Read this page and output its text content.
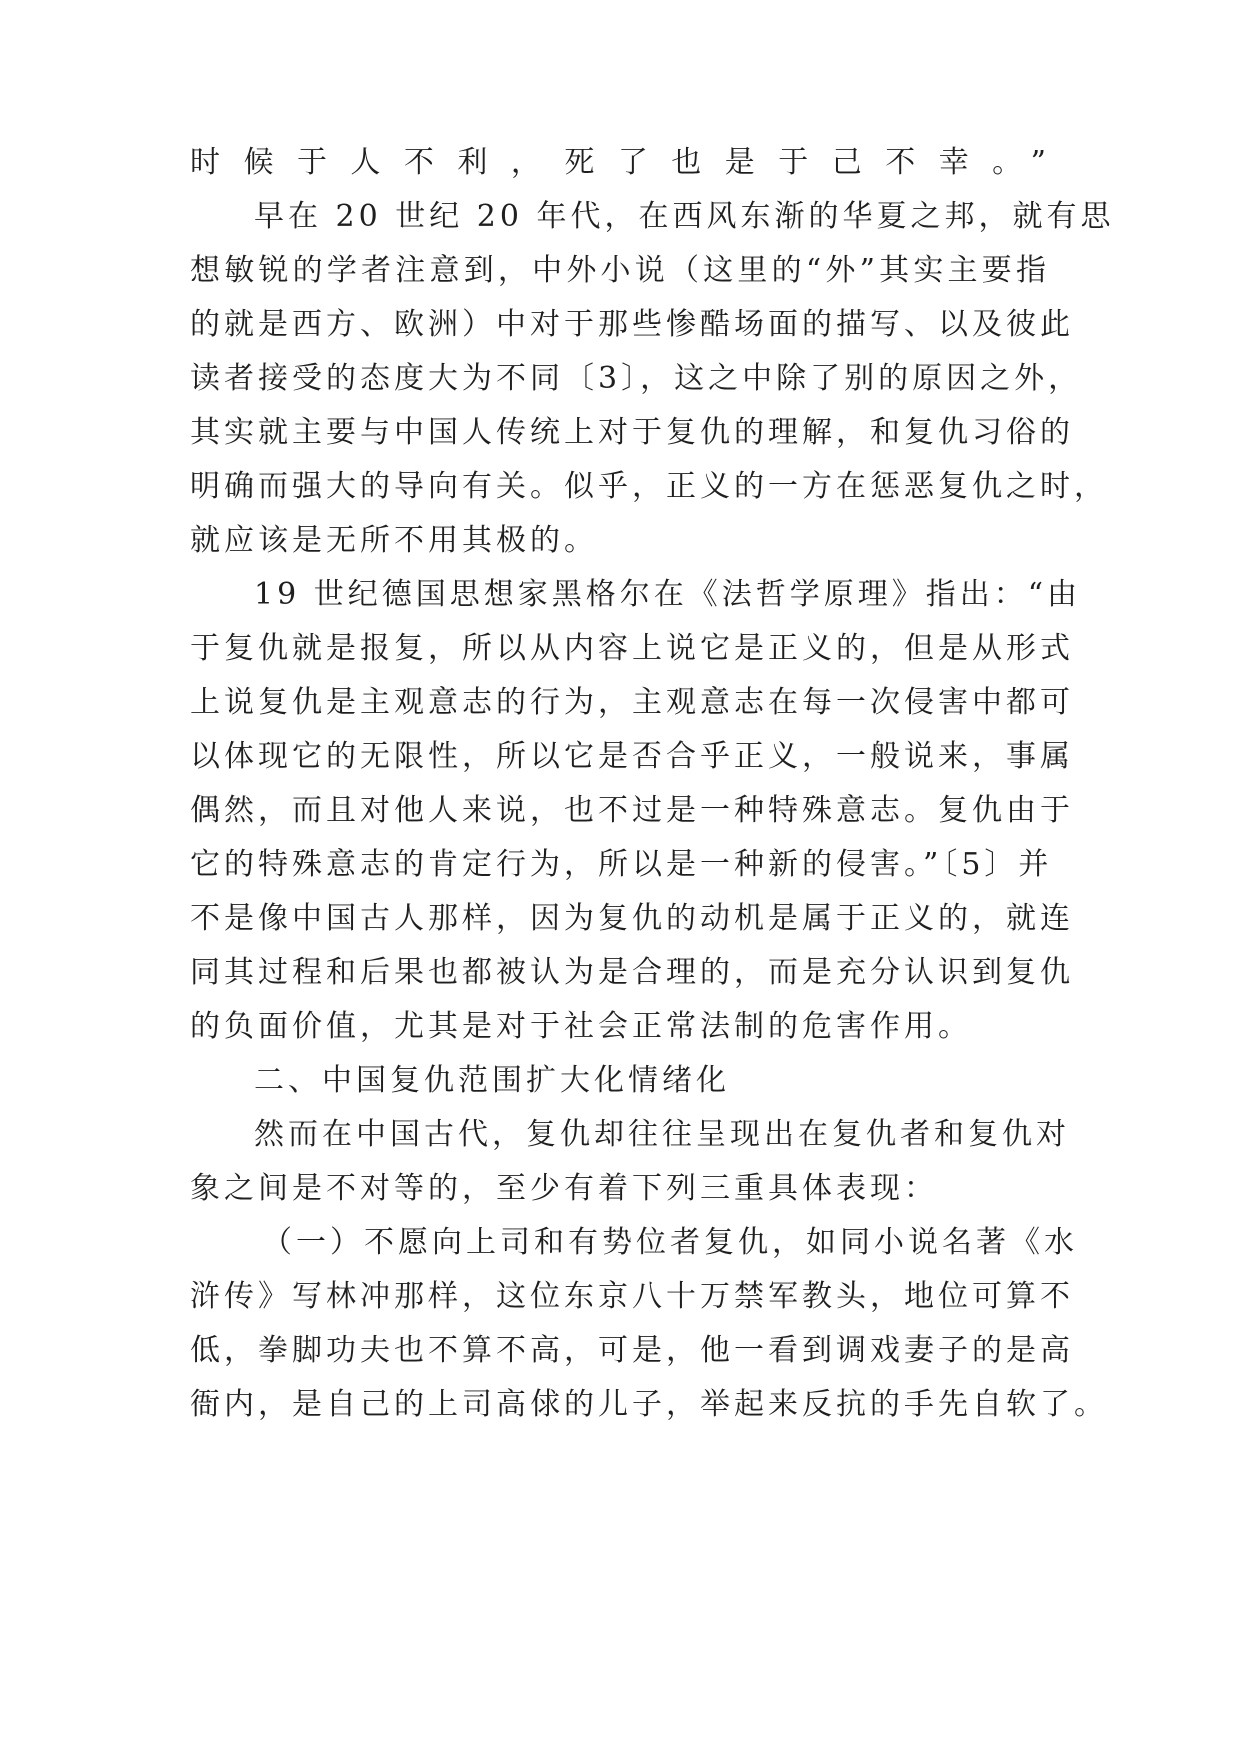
时候于人不利，死了也是于己不幸。”
早在 20 世纪 20 年代，在西风东渐的华夏之邦，就有思
想敏锐的学者注意到，中外小说（这里的“外”其实主要指
的就是西方、欧洲）中对于那些惨酷场面的描写、以及彼此
读者接受的态度大为不同〔3〕，这之中除了别的原因之外，
其实就主要与中国人传统上对于复仇的理解，和复仇习俗的
明确而强大的导向有关。似乎，正义的一方在惩恶复仇之时，
就应该是无所不用其极的。
19 世纪德国思想家黑格尔在《法哲学原理》指出：“由
于复仇就是报复，所以从内容上说它是正义的，但是从形式
上说复仇是主观意志的行为，主观意志在每一次侵害中都可
以体现它的无限性，所以它是否合乎正义，一般说来，事属
偶然，而且对他人来说，也不过是一种特殊意志。复仇由于
它的特殊意志的肯定行为，所以是一种新的侵害。”〔5〕并
不是像中国古人那样，因为复仇的动机是属于正义的，就连
同其过程和后果也都被认为是合理的，而是充分认识到复仇
的负面价值，尤其是对于社会正常法制的危害作用。
二、中国复仇范围扩大化情绪化
然而在中国古代，复仇却往往呈现出在复仇者和复仇对
象之间是不对等的，至少有着下列三重具体表现：
（一）不愿向上司和有势位者复仇，如同小说名著《水
浒传》写林冲那样，这位东京八十万禁军教头，地位可算不
低，拳脚功夫也不算不高，可是，他一看到调戏妻子的是高
衙内，是自己的上司高俅的儿子，举起来反抗的手先自软了。
